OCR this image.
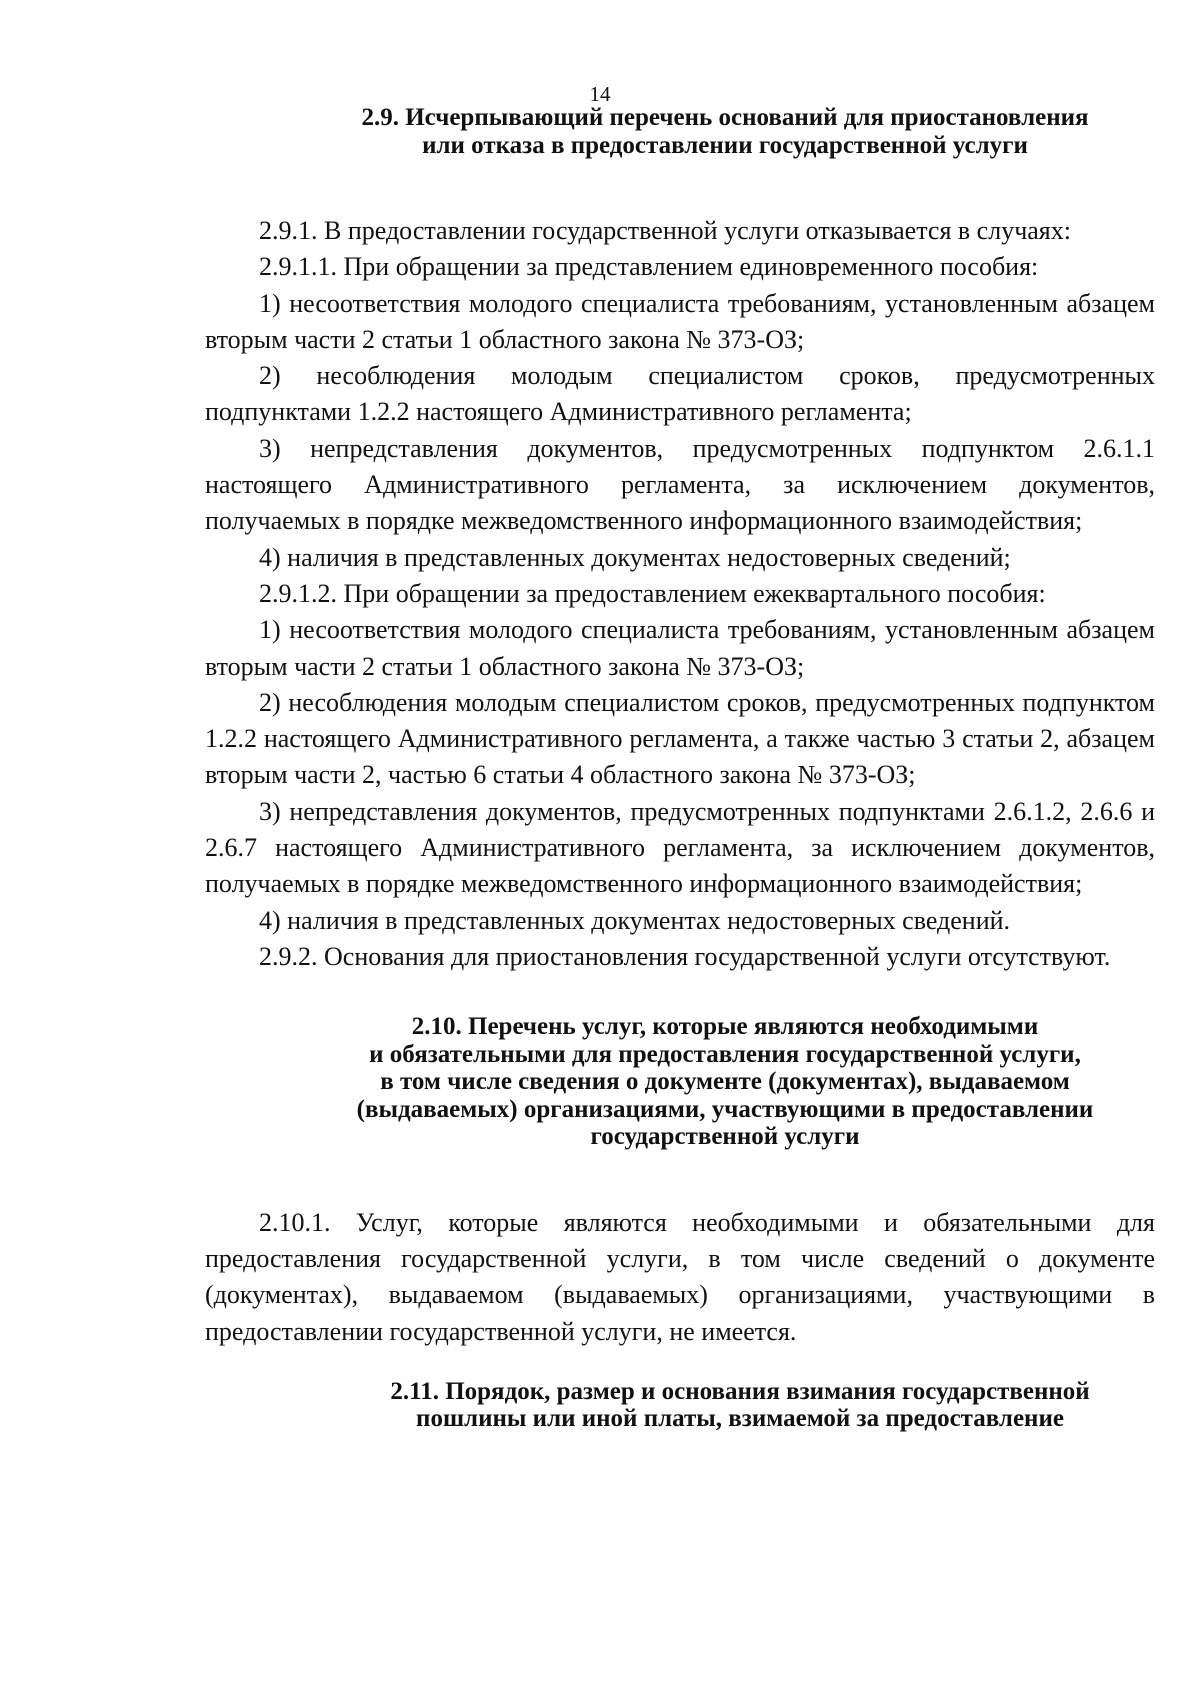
14
2.9. Исчерпывающий перечень оснований для приостановления
или отказа в предоставлении государственной услуги

2.9.1. В предоставлении государственной услуги отказывается в случаях:

2.9.1.1. При обращении за представлением единовременного пособия:

1) несоответствия молодого специалиста требованиям, установленным абзацем вторым части 2 статьи 1 областного закона № 373-ОЗ;

2) несоблюдения молодым специалистом сроков, предусмотренных подпунктами 1.2.2 настоящего Административного регламента;

3) непредставления документов, предусмотренных подпунктом 2.6.1.1 настоящего Административного регламента, за исключением документов, получаемых в порядке межведомственного информационного взаимодействия;

4) наличия в представленных документах недостоверных сведений;

2.9.1.2. При обращении за предоставлением ежеквартального пособия:

1) несоответствия молодого специалиста требованиям, установленным абзацем вторым части 2 статьи 1 областного закона № 373-ОЗ;

2) несоблюдения молодым специалистом сроков, предусмотренных подпунктом 1.2.2 настоящего Административного регламента, а также частью 3 статьи 2, абзацем вторым части 2, частью 6 статьи 4 областного закона № 373-ОЗ;

3) непредставления документов, предусмотренных подпунктами 2.6.1.2, 2.6.6 и 2.6.7 настоящего Административного регламента, за исключением документов, получаемых в порядке межведомственного информационного взаимодействия;

4) наличия в представленных документах недостоверных сведений.

2.9.2. Основания для приостановления государственной услуги отсутствуют.

2.10. Перечень услуг, которые являются необходимыми
и обязательными для предоставления государственной услуги,
в том числе сведения о документе (документах), выдаваемом
(выдаваемых) организациями, участвующими в предоставлении
государственной услуги

2.10.1. Услуг, которые являются необходимыми и обязательными для предоставления государственной услуги, в том числе сведений о документе (документах), выдаваемом (выдаваемых) организациями, участвующими в предоставлении государственной услуги, не имеется.

2.11. Порядок, размер и основания взимания государственной
пошлины или иной платы, взимаемой за предоставление
